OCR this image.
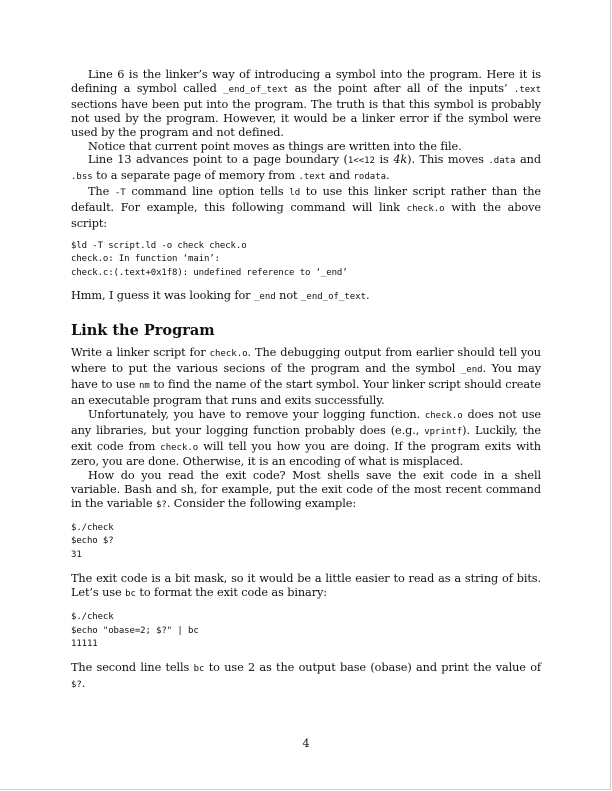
Line 6 is the linker’s way of introducing a symbol into the program. Here it is defining a symbol called _end_of_text as the point after all of the inputs’ .text sections have been put into the program. The truth is that this symbol is probably not used by the program. However, it would be a linker error if the symbol were used by the program and not defined.

Notice that current point moves as things are written into the file.

Line 13 advances point to a page boundary (1<<12 is 4k). This moves .data and .bss to a separate page of memory from .text and rodata.

The -T command line option tells ld to use this linker script rather than the default. For example, this following command will link check.o with the above script:

$ld -T script.ld -o check check.o
check.o: In function ‘main’:
check.c:(.text+0x1f8): undefined reference to ‘_end’

Hmm, I guess it was looking for _end not _end_of_text.

Link the Program

Write a linker script for check.o. The debugging output from earlier should tell you where to put the various secions of the program and the symbol _end. You may have to use nm to find the name of the start symbol. Your linker script should create an executable program that runs and exits successfully.

Unfortunately, you have to remove your logging function. check.o does not use any libraries, but your logging function probably does (e.g., vprintf). Luckily, the exit code from check.o will tell you how you are doing. If the program exits with zero, you are done. Otherwise, it is an encoding of what is misplaced.

How do you read the exit code? Most shells save the exit code in a shell variable. Bash and sh, for example, put the exit code of the most recent command in the variable $?. Consider the following example:

$./check
$echo $?
31

The exit code is a bit mask, so it would be a little easier to read as a string of bits. Let’s use bc to format the exit code as binary:

$./check
$echo "obase=2; $?" | bc
11111

The second line tells bc to use 2 as the output base (obase) and print the value of $?.

4
